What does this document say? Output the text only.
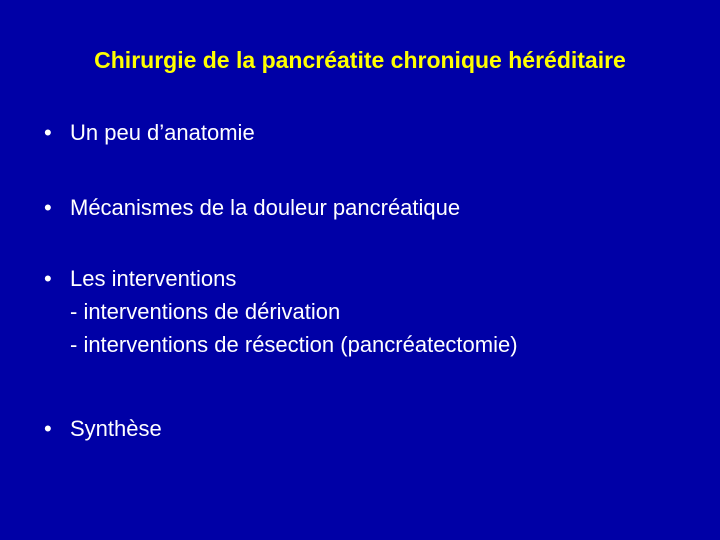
Chirurgie de la pancréatite chronique héréditaire
• Un peu d’anatomie
• Mécanismes de la douleur pancréatique
• Les interventions
- interventions de dérivation
- interventions de résection (pancréatectomie)
• Synthèse
